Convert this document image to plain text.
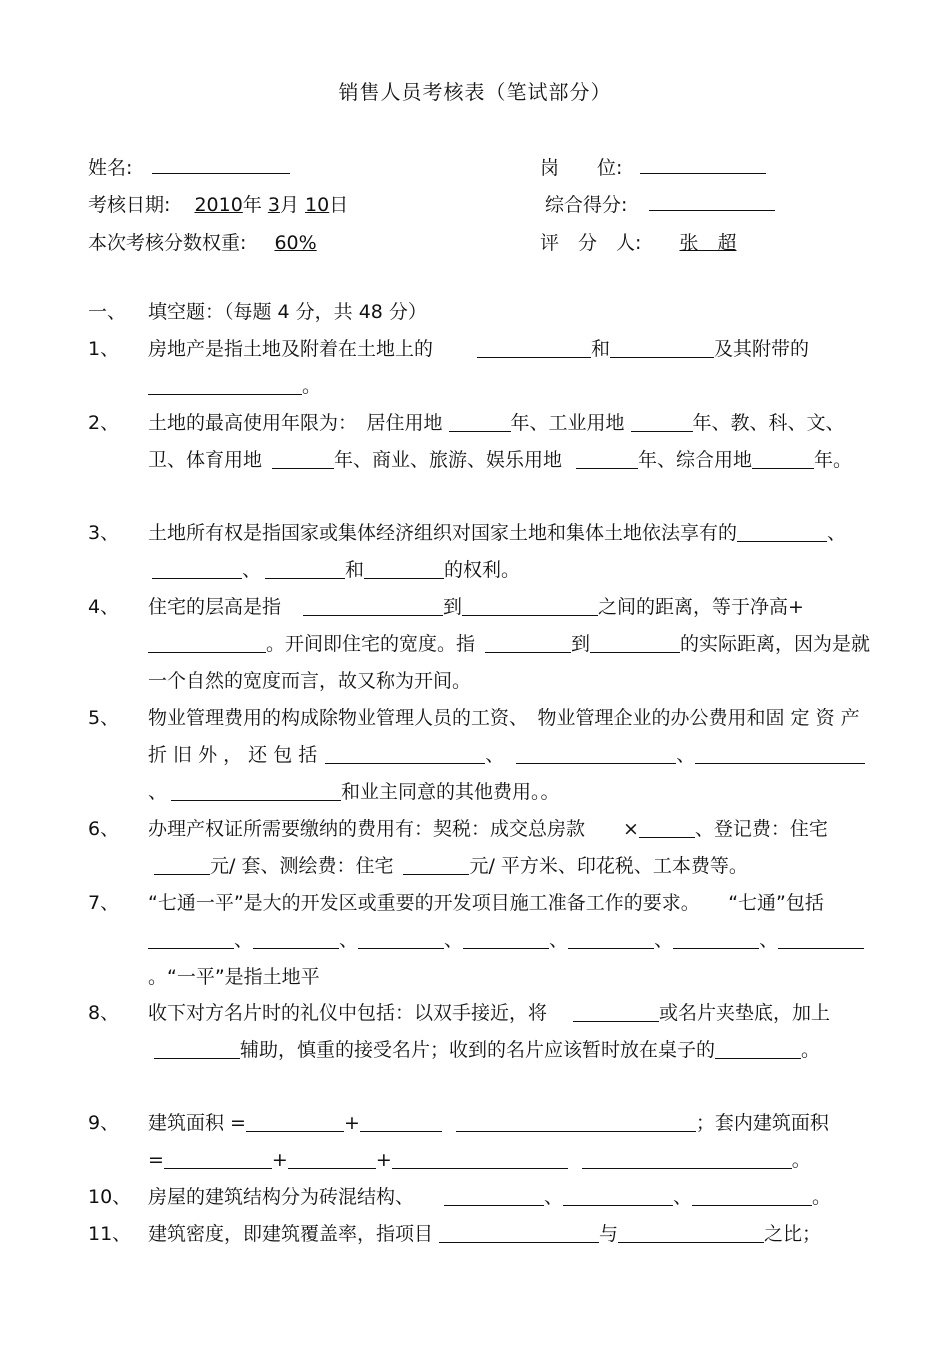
销售人员考核表（笔试部分）
姓名:	岗　　位:
考核日期: 2010年 3月 10日	综合得分:
本次考核分数权重: 60%	评　分　人: 张　超
一、	填空题：（每题 4 分，共 48 分）
1、	房地产是指土地及附着在土地上的	和	及其附带的。
2、	土地的最高使用年限为：　居住用地	年、工业用地	年、教、科、文、卫、体育用地	年、商业、旅游、娱乐用地	年、综合用地	年。
3、	土地所有权是指国家或集体经济组织对国家土地和集体土地依法享有的	、、	和	的权利。
4、	住宅的层高是指	到	之间的距离，等于净高+。开间即住宅的宽度。指	到	的实际距离，因为是就一个自然的宽度而言，故又称为开间。
5、	物业管理费用的构成除物业管理人员的工资、　物业管理企业的办公费用和固 定 资 产 折 旧 外 ， 还 包 括	、	、、	和业主同意的其他费用。。
6、	办理产权证所需要缴纳的费用有：契税：成交总房款　　×	、登记费：住宅元/ 套、测绘费：住宅	元/ 平方米、印花税、工本费等。
7、	“七通一平”是大的开发区或重要的开发项目施工准备工作的要求。　　“七通”包括、	、	、	、	、	、。“一平”是指土地平
8、	收下对方名片时的礼仪中包括：以双手接近，将	或名片夹垫底，加上辅助，慎重的接受名片；收到的名片应该暂时放在桌子的	。
9、	建筑面积 =	+	；套内建筑面积
=	+	+	。
10、 房屋的建筑结构分为砖混结构、	、	、	。
11、 建筑密度，即建筑覆盖率，指项目	与	之比；
